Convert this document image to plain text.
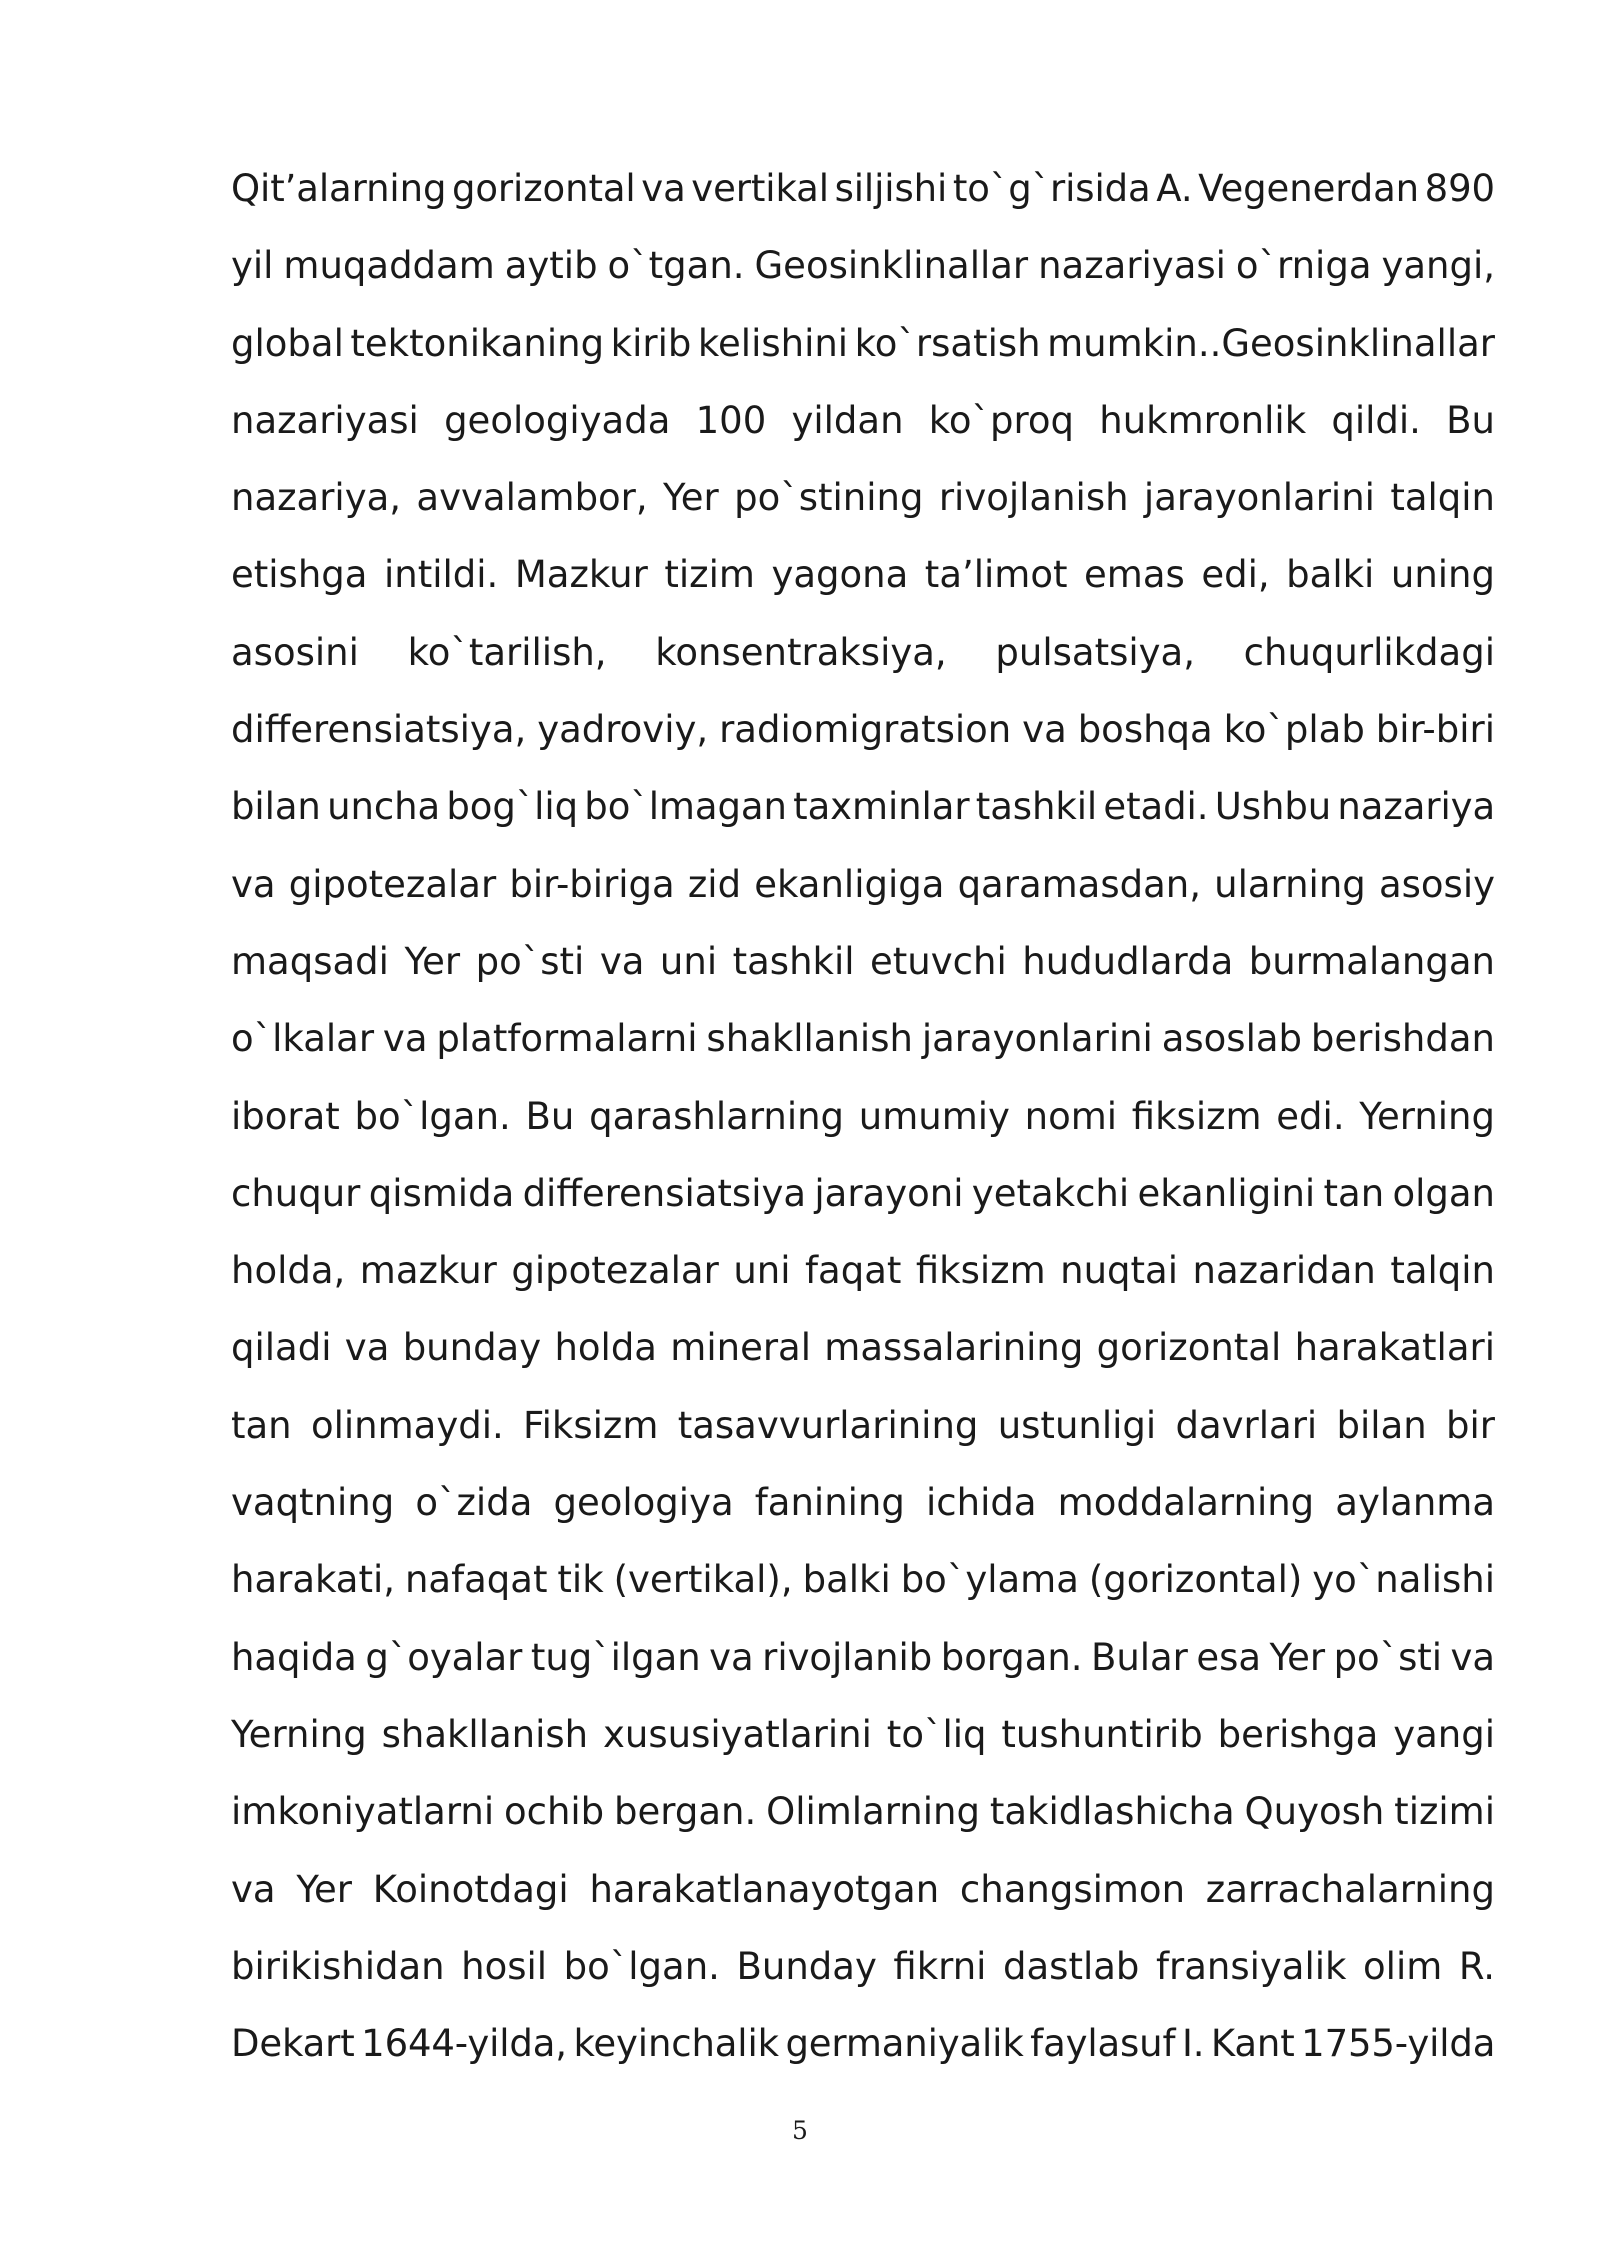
Qit’alarning gorizontal va vertikal siljishi to`g`risida A. Vegenerdan 890
yil muqaddam aytib o`tgan. Geosinklinallar nazariyasi o`rniga yangi,
global tektonikaning kirib kelishini ko`rsatish mumkin..Geosinklinallar
nazariyasi geologiyada 100 yildan ko`proq hukmronlik qildi. Bu
nazariya, avvalambor, Yer po`stining rivojlanish jarayonlarini talqin
etishga intildi. Mazkur tizim yagona ta’limot emas edi, balki uning
asosini ko`tarilish, konsentraksiya, pulsatsiya, chuqurlikdagi
differensiatsiya, yadroviy, radiomigratsion va boshqa ko`plab bir-biri
bilan uncha bog`liq bo`lmagan taxminlar tashkil etadi. Ushbu nazariya
va gipotezalar bir-biriga zid ekanligiga qaramasdan, ularning asosiy
maqsadi Yer po`sti va uni tashkil etuvchi hududlarda burmalangan
o`lkalar va platformalarni shakllanish jarayonlarini asoslab berishdan
iborat bo`lgan. Bu qarashlarning umumiy nomi fiksizm edi. Yerning
chuqur qismida differensiatsiya jarayoni yetakchi ekanligini tan olgan
holda, mazkur gipotezalar uni faqat fiksizm nuqtai nazaridan talqin
qiladi va bunday holda mineral massalarining gorizontal harakatlari
tan olinmaydi. Fiksizm tasavvurlarining ustunligi davrlari bilan bir
vaqtning o`zida geologiya fanining ichida moddalarning aylanma
harakati, nafaqat tik (vertikal), balki bo`ylama (gorizontal) yo`nalishi
haqida g`oyalar tug`ilgan va rivojlanib borgan. Bular esa Yer po`sti va
Yerning shakllanish xususiyatlarini to`liq tushuntirib berishga yangi
imkoniyatlarni ochib bergan. Olimlarning takidlashicha Quyosh tizimi
va Yer Koinotdagi harakatlanayotgan changsimon zarrachalarning
birikishidan hosil bo`lgan. Bunday fikrni dastlab fransiyalik olim R.
Dekart 1644-yilda, keyinchalik germaniyalik faylasuf I. Kant 1755-yilda
5
